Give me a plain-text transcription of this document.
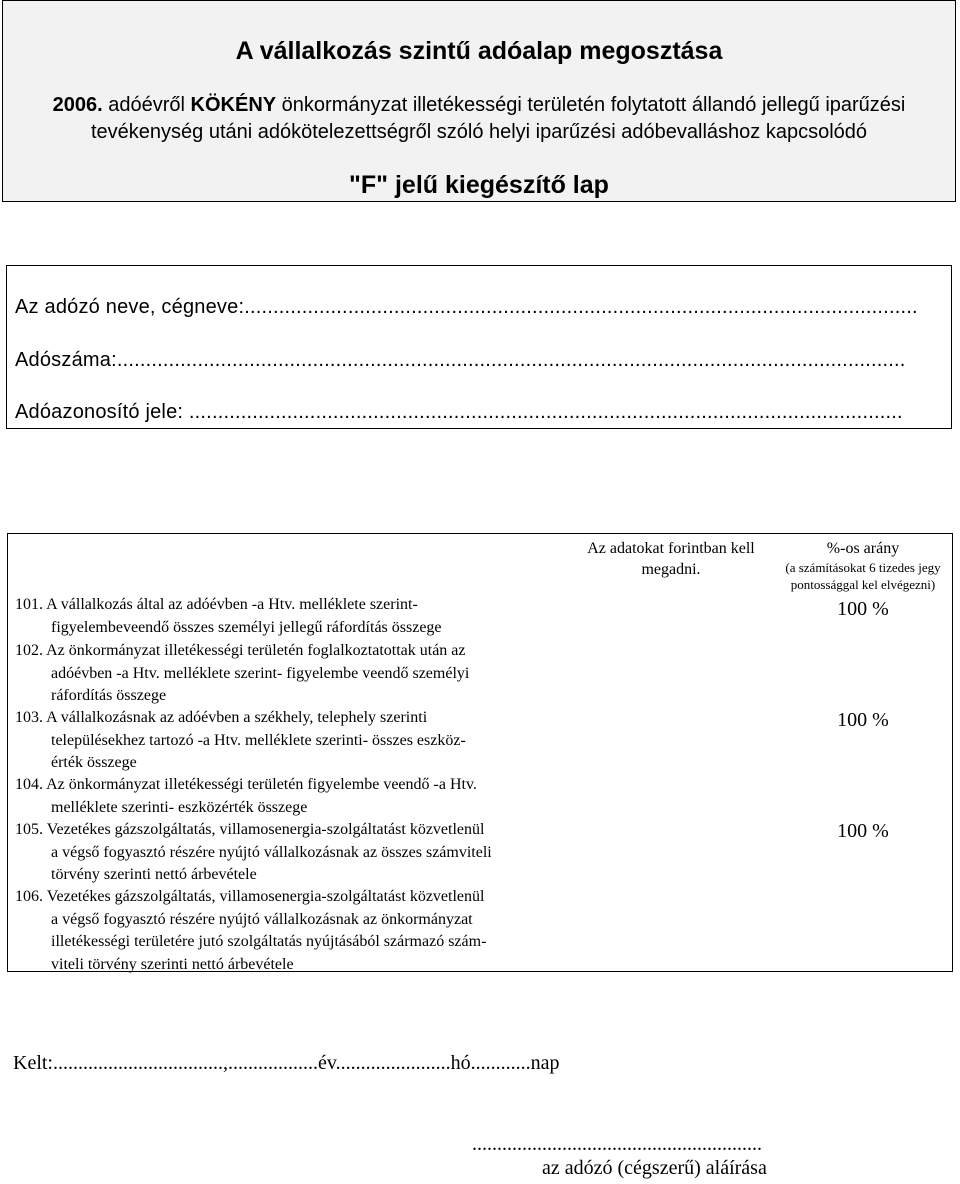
A vállalkozás szintű adóalap megosztása
2006. adóévről KÖKÉNY önkormányzat illetékességi területén folytatott állandó jellegű iparűzési tevékenység utáni adókötelezettségről szóló helyi iparűzési adóbevalláshoz kapcsolódó
"F" jelű kiegészítő lap
Az adózó neve, cégneve:.....................................................................................................................
Adószáma:.........................................................................................................................................
Adóazonosító jele: ............................................................................................................................
Az adatokat forintban kell megadni.
%-os arány
(a számításokat 6 tizedes jegy pontossággal kel elvégezni)
101. A vállalkozás által az adóévben -a Htv. melléklete szerint-
figyelembeveendő összes személyi jellegű ráfordítás összege
100 %
102. Az önkormányzat illetékességi területén foglalkoztatottak után az
adóévben -a Htv. melléklete szerint- figyelembe veendő személyi
ráfordítás összege
103. A vállalkozásnak az adóévben a székhely, telephely szerinti
településekhez tartozó -a Htv. melléklete szerinti- összes eszköz-
érték összege
100 %
104. Az önkormányzat illetékességi területén figyelembe veendő -a Htv.
melléklete szerinti- eszközérték összege
105. Vezetékes gázszolgáltatás, villamosenergia-szolgáltatást közvetlenül
a végső fogyasztó részére nyújtó vállalkozásnak az összes számviteli
törvény szerinti nettó árbevétele
100 %
106. Vezetékes gázszolgáltatás, villamosenergia-szolgáltatást közvetlenül
a végső fogyasztó részére nyújtó vállalkozásnak az önkormányzat
illetékességi területére jutó szolgáltatás nyújtásából származó szám-
viteli törvény szerinti nettó árbevétele
Kelt:..................................,..................év.......................hó............nap
..........................................................
az adózó (cégszerű) aláírása
